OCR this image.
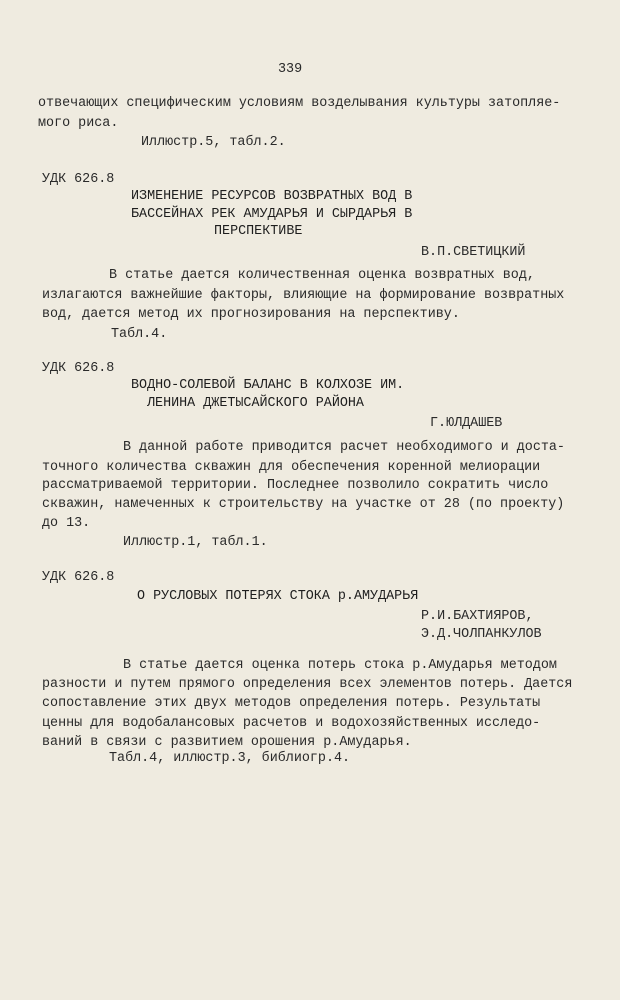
339
отвечающих специфическим условиям возделывания культуры затопляе-
мого риса.
Иллюстр.5, табл.2.
УДК 626.8
ИЗМЕНЕНИЕ РЕСУРСОВ ВОЗВРАТНЫХ ВОД В
БАССЕЙНАХ РЕК АМУДАРЬЯ И СЫРДАРЬЯ В
ПЕРСПЕКТИВЕ
В.П.СВЕТИЦКИЙ
В статье дается количественная оценка возвратных вод,
излагаются важнейшие факторы, влияющие на формирование возвратных
вод, дается метод их прогнозирования на перспективу.
Табл.4.
УДК 626.8
ВОДНО-СОЛЕВОЙ БАЛАНС В КОЛХОЗЕ ИМ.
ЛЕНИНА ДЖЕТЫСАЙСКОГО РАЙОНА
Г.ЮЛДАШЕВ
В данной работе приводится расчет необходимого и доста-
точного количества скважин для обеспечения коренной мелиорации
рассматриваемой территории. Последнее позволило сократить число
скважин, намеченных к строительству на участке от 28 (по проекту)
до 13.
Иллюстр.1, табл.1.
УДК 626.8
О РУСЛОВЫХ ПОТЕРЯХ СТОКА р.АМУДАРЬЯ
Р.И.БАХТИЯРОВ,
Э.Д.ЧОЛПАНКУЛОВ
В статье дается оценка потерь стока р.Амударья методом
разности и путем прямого определения всех элементов потерь. Дается
сопоставление этих двух методов определения потерь. Результаты
ценны для водобалансовых расчетов и водохозяйственных исследо-
ваний в связи с развитием орошения р.Амударья.
Табл.4, иллюстр.3, библиогр.4.
